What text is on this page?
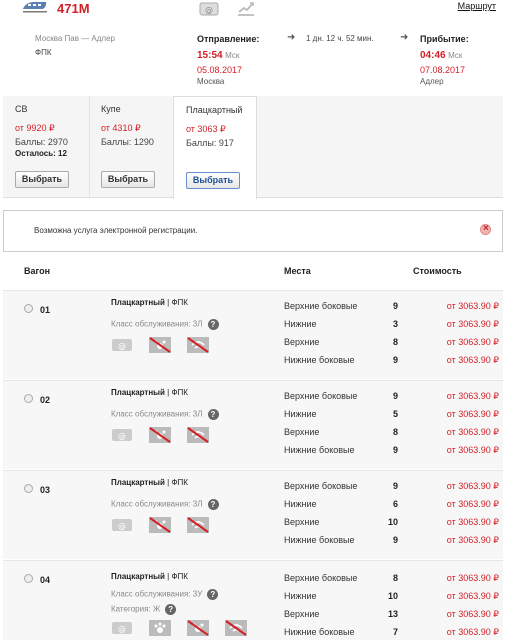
471M	@	Маршрут
Москва Пав — Адлер
ФПК
Отправление:
15:54 Мск
05.08.2017
Москва
➜ 1 дн. 12 ч. 52 мин.	➜ Прибытие:
04:46 Мск
07.08.2017
Адлер
СВ
от 9920 ₽
Баллы: 2970
Осталось: 12
Выбрать
Купе
от 4310 ₽
Баллы: 1290
Выбрать
Плацкартный
от 3063 ₽
Баллы: 917
Выбрать
Возможна услуга электронной регистрации.
×
Вагон	Места	Стоимость
01
Плацкартный | ФПК
Класс обслуживания: 3Л ?
@
Верхние боковые	9	от 3063.90 ₽
Нижние	3	от 3063.90 ₽
Верхние	8	от 3063.90 ₽
Нижние боковые	9	от 3063.90 ₽
02
Плацкартный | ФПК
Класс обслуживания: 3Л ?
@
Верхние боковые	9	от 3063.90 ₽
Нижние	5	от 3063.90 ₽
Верхние	8	от 3063.90 ₽
Нижние боковые	9	от 3063.90 ₽
03
Плацкартный | ФПК
Класс обслуживания: 3Л ?
@
Верхние боковые	9	от 3063.90 ₽
Нижние	6	от 3063.90 ₽
Верхние	10	от 3063.90 ₽
Нижние боковые	9	от 3063.90 ₽
04	Плацкартный | ФПК
Класс обслуживания: 3У ?
Категория: Ж ?
@
Верхние боковые	8	от 3063.90 ₽
Нижние	10	от 3063.90 ₽
Верхние	13	от 3063.90 ₽
Нижние боковые	7	от 3063.90 ₽
